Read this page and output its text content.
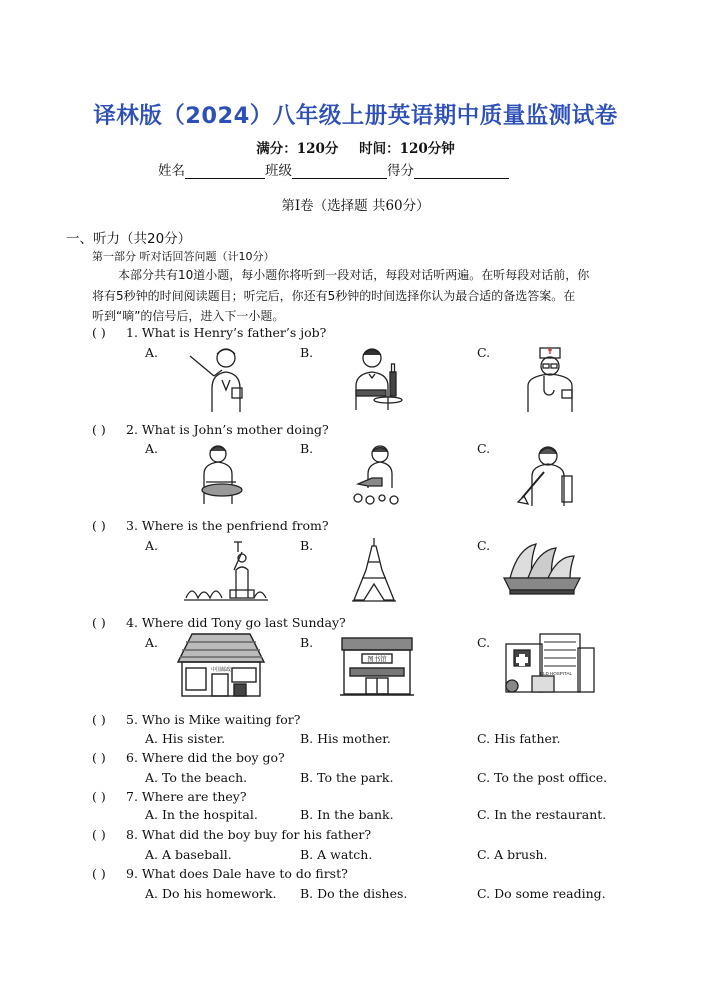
译林版（2024）八年级上册英语期中质量监测试卷
满分：120分 时间：120分钟
姓名	班级	得分
第I卷（选择题 共60分）
一、听力（共20分）
第一部分 听对话回答问题（计10分）
本部分共有10道小题，每小题你将听到一段对话，每段对话听两遍。在听每段对话前，你
将有5秒钟的时间阅读题目；听完后，你还有5秒钟的时间选择你认为最合适的备选答案。在
听到“嘀”的信号后，进入下一小题。
( ) 1. What is Henry’s father’s job?
A.	B.	C.
( ) 2. What is John’s mother doing?
A.	B.	C.
( ) 3. Where is the penfriend from?
A.	B.	C.
( ) 4. Where did Tony go last Sunday?
A.	B.	C.
中国邮政
图书馆
ELD HOSPITAL
( ) 5. Who is Mike waiting for?
A. His sister.	B. His mother.	C. His father.
( ) 6. Where did the boy go?
A. To the beach.	B. To the park.	C. To the post office.
( ) 7. Where are they?
A. In the hospital.	B. In the bank.	C. In the restaurant.
( ) 8. What did the boy buy for his father?
A. A baseball.	B. A watch.	C. A brush.
( ) 9. What does Dale have to do first?
A. Do his homework. B. Do the dishes.	C. Do some reading.
